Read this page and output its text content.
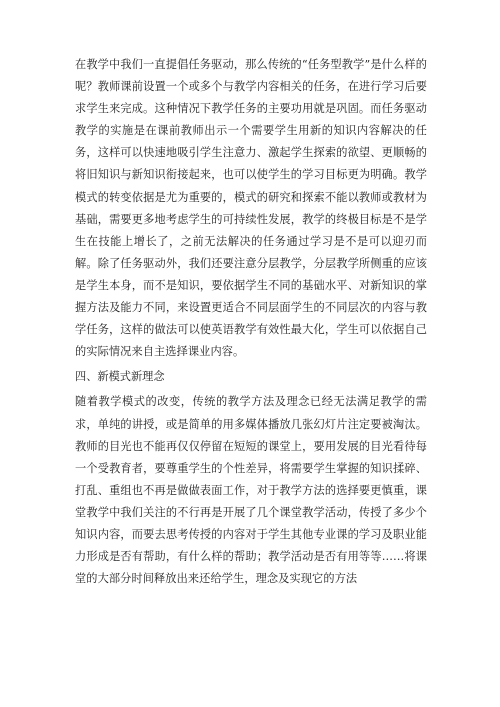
在教学中我们一直提倡任务驱动，那么传统的“任务型教学”是什么样的呢？教师课前设置一个或多个与教学内容相关的任务，在进行学习后要求学生来完成。这种情况下教学任务的主要功用就是巩固。而任务驱动教学的实施是在课前教师出示一个需要学生用新的知识内容解决的任务，这样可以快速地吸引学生注意力、激起学生探索的欲望、更顺畅的将旧知识与新知识衔接起来，也可以使学生的学习目标更为明确。教学模式的转变依据是尤为重要的，模式的研究和探索不能以教师或教材为基础，需要更多地考虑学生的可持续性发展，教学的终极目标是不是学生在技能上增长了，之前无法解决的任务通过学习是不是可以迎刃而解。除了任务驱动外，我们还要注意分层教学，分层教学所侧重的应该是学生本身，而不是知识，要依据学生不同的基础水平、对新知识的掌握方法及能力不同，来设置更适合不同层面学生的不同层次的内容与教学任务，这样的做法可以使英语教学有效性最大化，学生可以依据自己的实际情况来自主选择课业内容。

四、新模式新理念

随着教学模式的改变，传统的教学方法及理念已经无法满足教学的需求，单纯的讲授，或是简单的用多媒体播放几张幻灯片注定要被淘汰。教师的目光也不能再仅仅停留在短短的课堂上，要用发展的目光看待每一个受教育者，要尊重学生的个性差异，将需要学生掌握的知识揉碎、打乱、重组也不再是做做表面工作，对于教学方法的选择要更慎重，课堂教学中我们关注的不行再是开展了几个课堂教学活动，传授了多少个知识内容，而要去思考传授的内容对于学生其他专业课的学习及职业能力形成是否有帮助，有什么样的帮助；教学活动是否有用等等……将课堂的大部分时间释放出来还给学生，理念及实现它的方法
